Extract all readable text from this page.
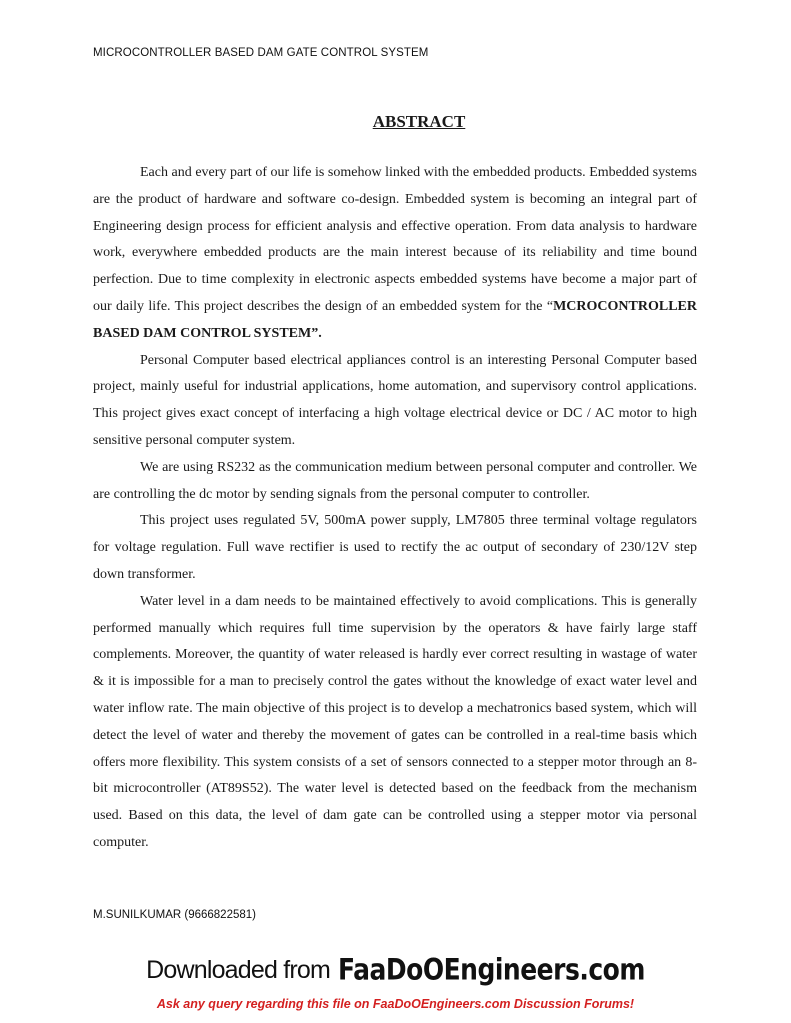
MICROCONTROLLER BASED DAM GATE CONTROL SYSTEM
ABSTRACT

Each and every part of our life is somehow linked with the embedded products. Embedded systems are the product of hardware and software co-design. Embedded system is becoming an integral part of Engineering design process for efficient analysis and effective operation. From data analysis to hardware work, everywhere embedded products are the main interest because of its reliability and time bound perfection. Due to time complexity in electronic aspects embedded systems have become a major part of our daily life. This project describes the design of an embedded system for the “MCROCONTROLLER BASED DAM CONTROL SYSTEM”.

Personal Computer based electrical appliances control is an interesting Personal Computer based project, mainly useful for industrial applications, home automation, and supervisory control applications. This project gives exact concept of interfacing a high voltage electrical device or DC / AC motor to high sensitive personal computer system.

We are using RS232 as the communication medium between personal computer and controller. We are controlling the dc motor by sending signals from the personal computer to controller.

This project uses regulated 5V, 500mA power supply, LM7805 three terminal voltage regulators for voltage regulation. Full wave rectifier is used to rectify the ac output of secondary of 230/12V step down transformer.

Water level in a dam needs to be maintained effectively to avoid complications. This is generally performed manually which requires full time supervision by the operators & have fairly large staff complements. Moreover, the quantity of water released is hardly ever correct resulting in wastage of water & it is impossible for a man to precisely control the gates without the knowledge of exact water level and water inflow rate. The main objective of this project is to develop a mechatronics based system, which will detect the level of water and thereby the movement of gates can be controlled in a real-time basis which offers more flexibility. This system consists of a set of sensors connected to a stepper motor through an 8-bit microcontroller (AT89S52). The water level is detected based on the feedback from the mechanism used. Based on this data, the level of dam gate can be controlled using a stepper motor via personal computer.

M.SUNILKUMAR (9666822581)
Downloaded from FaaDoOEngineers.com
Ask any query regarding this file on FaaDoOEngineers.com Discussion Forums!
